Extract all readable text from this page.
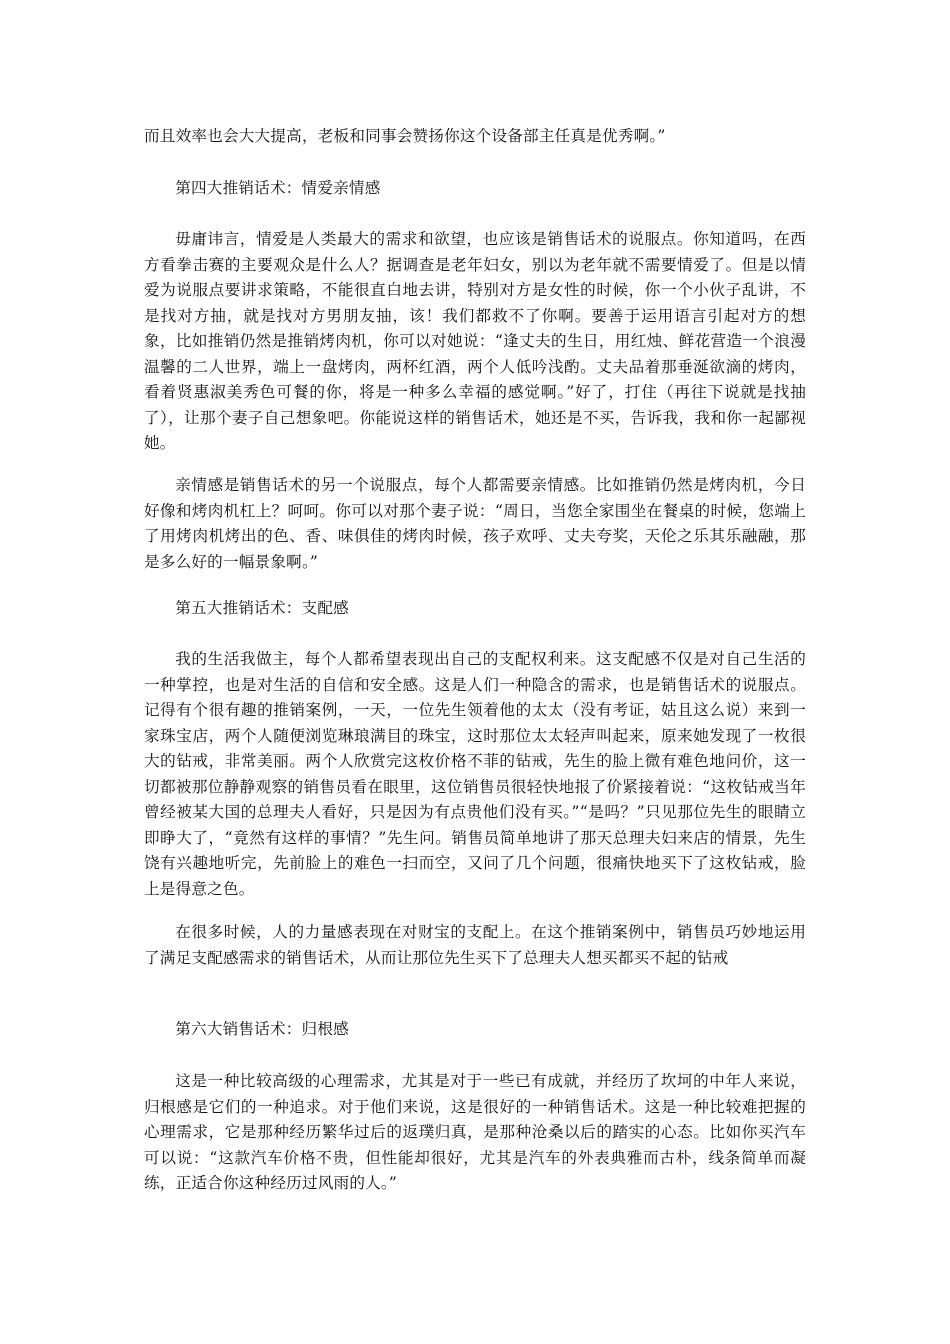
而且效率也会大大提高，老板和同事会赞扬你这个设备部主任真是优秀啊。”
第四大推销话术：情爱亲情感
毋庸讳言，情爱是人类最大的需求和欲望，也应该是销售话术的说服点。你知道吗，在西方看拳击赛的主要观众是什么人？据调查是老年妇女，别以为老年就不需要情爱了。但是以情爱为说服点要讲求策略，不能很直白地去讲，特别对方是女性的时候，你一个小伙子乱讲，不是找对方抽，就是找对方男朋友抽，该！我们都救不了你啊。要善于运用语言引起对方的想象，比如推销仍然是推销烤肉机，你可以对她说：“逢丈夫的生日，用红烛、鲜花营造一个浪漫温馨的二人世界，端上一盘烤肉，两杯红酒，两个人低吟浅酌。丈夫品着那垂涎欲滴的烤肉，看着贤惠淑美秀色可餐的你，将是一种多么幸福的感觉啊。”好了，打住（再往下说就是找抽了），让那个妻子自己想象吧。你能说这样的销售话术，她还是不买，告诉我，我和你一起鄙视她。
亲情感是销售话术的另一个说服点，每个人都需要亲情感。比如推销仍然是烤肉机，今日好像和烤肉机杠上？呵呵。你可以对那个妻子说：“周日，当您全家围坐在餐桌的时候，您端上了用烤肉机烤出的色、香、味俱佳的烤肉时候，孩子欢呼、丈夫夸奖，天伦之乐其乐融融，那是多么好的一幅景象啊。”
第五大推销话术：支配感
我的生活我做主，每个人都希望表现出自己的支配权利来。这支配感不仅是对自己生活的一种掌控，也是对生活的自信和安全感。这是人们一种隐含的需求，也是销售话术的说服点。记得有个很有趣的推销案例，一天，一位先生领着他的太太（没有考证，姑且这么说）来到一家珠宝店，两个人随便浏览琳琅满目的珠宝，这时那位太太轻声叫起来，原来她发现了一枚很大的钻戒，非常美丽。两个人欣赏完这枚价格不菲的钻戒，先生的脸上微有难色地问价，这一切都被那位静静观察的销售员看在眼里，这位销售员很轻快地报了价紧接着说：“这枚钻戒当年曾经被某大国的总理夫人看好，只是因为有点贵他们没有买。”“是吗？”只见那位先生的眼睛立即睁大了，“竟然有这样的事情？”先生问。销售员简单地讲了那天总理夫妇来店的情景，先生饶有兴趣地听完，先前脸上的难色一扫而空，又问了几个问题，很痛快地买下了这枚钻戒，脸上是得意之色。
在很多时候，人的力量感表现在对财宝的支配上。在这个推销案例中，销售员巧妙地运用了满足支配感需求的销售话术，从而让那位先生买下了总理夫人想买都买不起的钻戒
第六大销售话术：归根感
这是一种比较高级的心理需求，尤其是对于一些已有成就，并经历了坎坷的中年人来说，归根感是它们的一种追求。对于他们来说，这是很好的一种销售话术。这是一种比较难把握的心理需求，它是那种经历繁华过后的返璞归真，是那种沧桑以后的踏实的心态。比如你买汽车可以说：“这款汽车价格不贵，但性能却很好，尤其是汽车的外表典雅而古朴，线条简单而凝练，正适合你这种经历过风雨的人。”
